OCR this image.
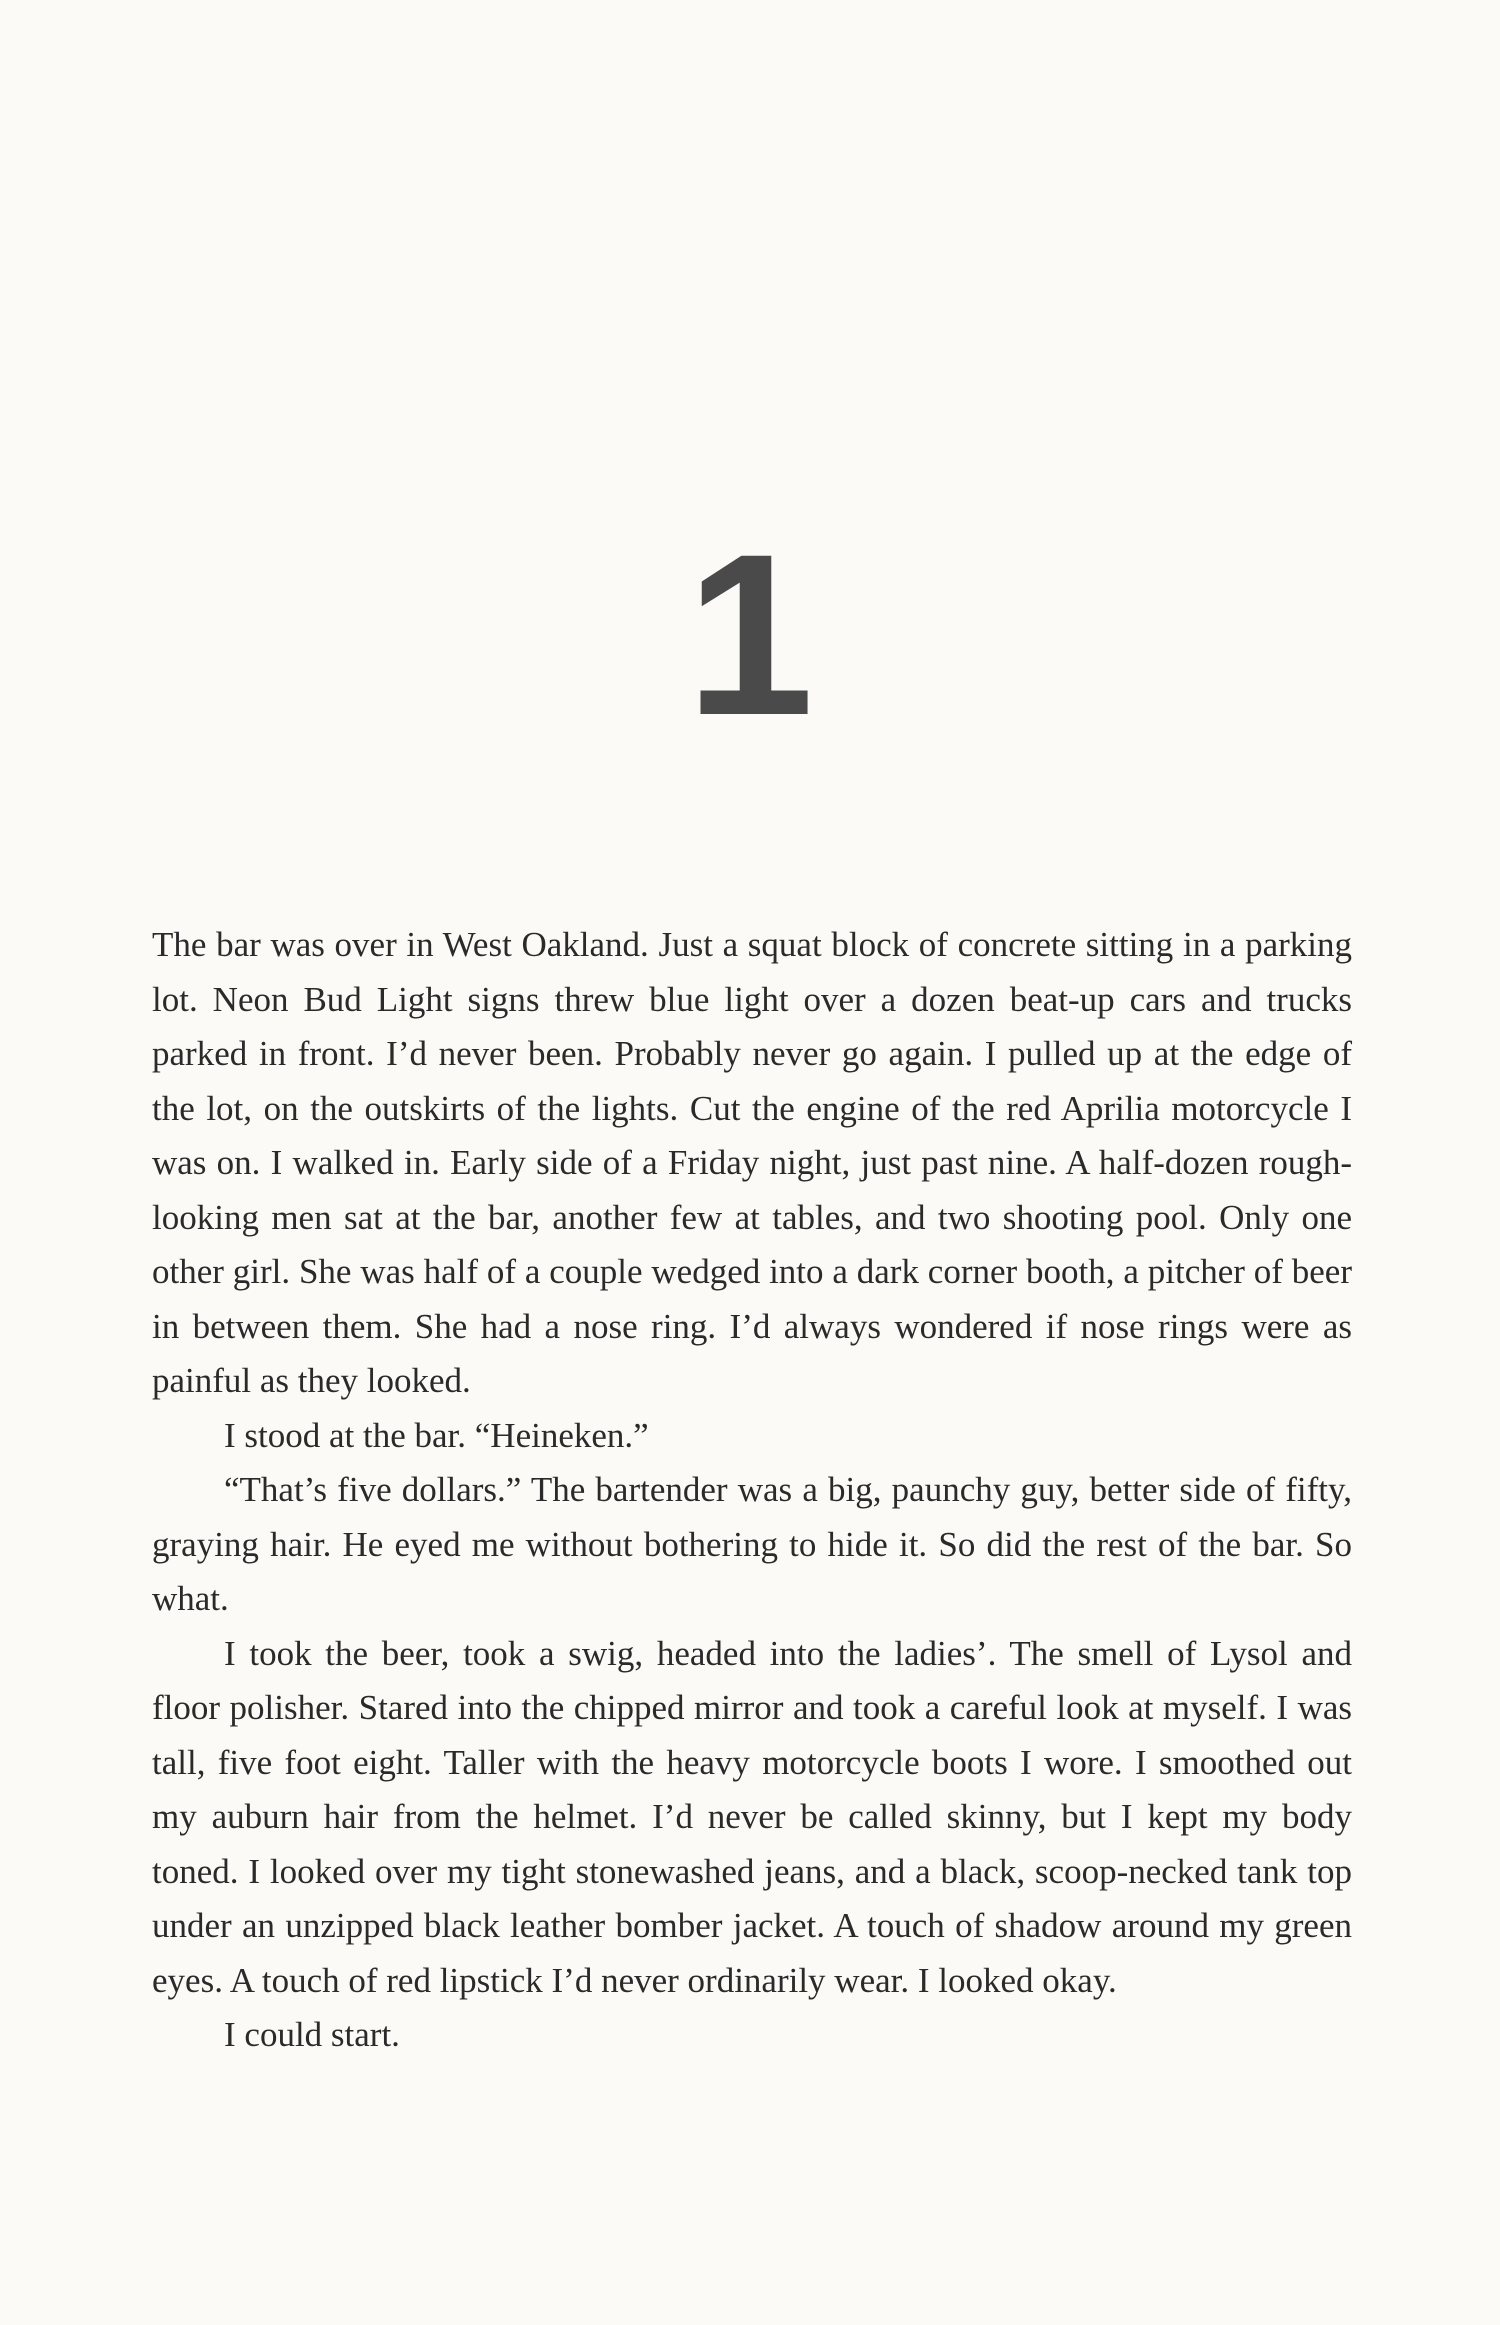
1

The bar was over in West Oakland. Just a squat block of concrete sitting in a parking lot. Neon Bud Light signs threw blue light over a dozen beat-up cars and trucks parked in front. I’d never been. Probably never go again. I pulled up at the edge of the lot, on the outskirts of the lights. Cut the engine of the red Aprilia motorcycle I was on. I walked in. Early side of a Friday night, just past nine. A half-dozen rough-looking men sat at the bar, another few at tables, and two shooting pool. Only one other girl. She was half of a couple wedged into a dark corner booth, a pitcher of beer in between them. She had a nose ring. I’d always wondered if nose rings were as painful as they looked.

I stood at the bar. “Heineken.”

“That’s five dollars.” The bartender was a big, paunchy guy, better side of fifty, graying hair. He eyed me without bothering to hide it. So did the rest of the bar. So what.

I took the beer, took a swig, headed into the ladies’. The smell of Lysol and floor polisher. Stared into the chipped mirror and took a careful look at myself. I was tall, five foot eight. Taller with the heavy motorcycle boots I wore. I smoothed out my auburn hair from the helmet. I’d never be called skinny, but I kept my body toned. I looked over my tight stonewashed jeans, and a black, scoop-necked tank top under an unzipped black leather bomber jacket. A touch of shadow around my green eyes. A touch of red lipstick I’d never ordinarily wear. I looked okay.

I could start.
